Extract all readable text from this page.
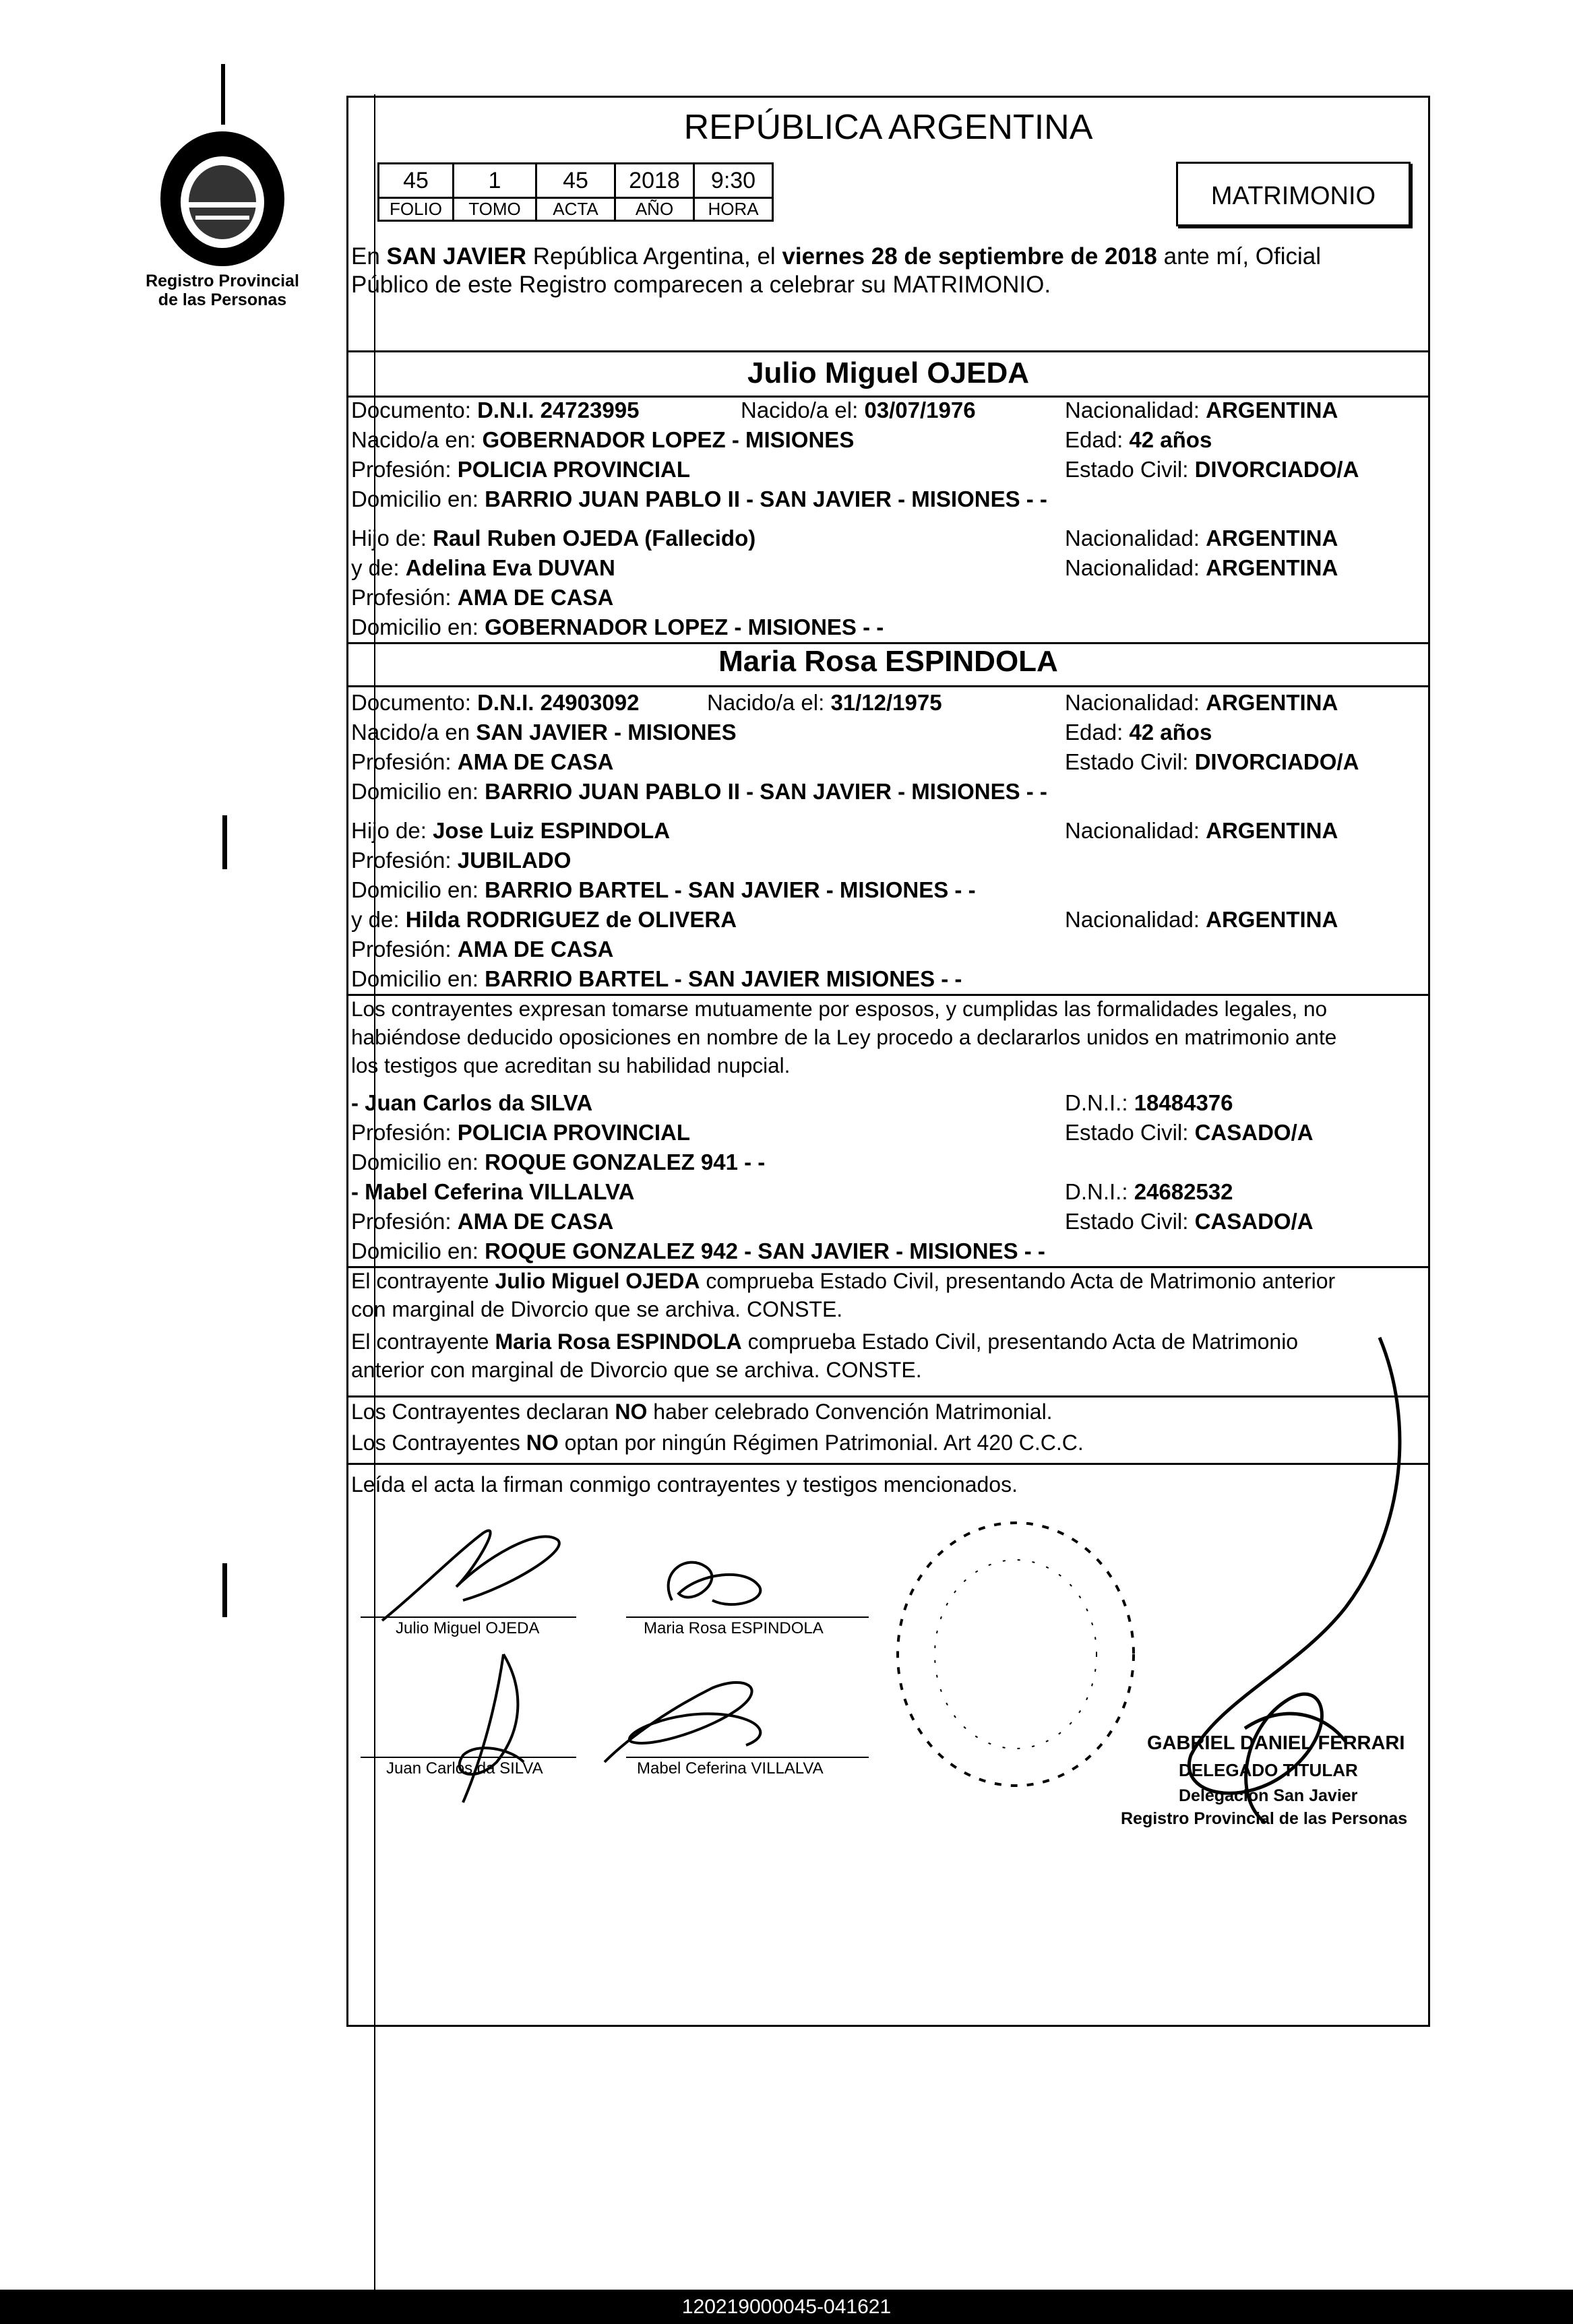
Registro Provincial
de las Personas
REPÚBLICA ARGENTINA
45	1	45	2018	9:30
FOLIO	TOMO	ACTA	AÑO	HORA	MATRIMONIO
En SAN JAVIER República Argentina, el viernes 28 de septiembre de 2018 ante mí, Oficial
Público de este Registro comparecen a celebrar su MATRIMONIO.
Julio Miguel OJEDA
Documento: D.N.I. 24723995	Nacido/a el: 03/07/1976	Nacionalidad: ARGENTINA
Nacido/a en: GOBERNADOR LOPEZ - MISIONES	Edad: 42 años
Profesión: POLICIA PROVINCIAL	Estado Civil: DIVORCIADO/A
Domicilio en: BARRIO JUAN PABLO II - SAN JAVIER - MISIONES - -
Hijo de: Raul Ruben OJEDA (Fallecido)	Nacionalidad: ARGENTINA
y de: Adelina Eva DUVAN	Nacionalidad: ARGENTINA
Profesión: AMA DE CASA
Domicilio en: GOBERNADOR LOPEZ - MISIONES - -
Maria Rosa ESPINDOLA
Documento: D.N.I. 24903092	Nacido/a el: 31/12/1975	Nacionalidad: ARGENTINA
Nacido/a en SAN JAVIER - MISIONES	Edad: 42 años
Profesión: AMA DE CASA	Estado Civil: DIVORCIADO/A
Domicilio en: BARRIO JUAN PABLO II - SAN JAVIER - MISIONES - -
Hijo de: Jose Luiz ESPINDOLA	Nacionalidad: ARGENTINA
Profesión: JUBILADO
Domicilio en: BARRIO BARTEL - SAN JAVIER - MISIONES - -
y de: Hilda RODRIGUEZ de OLIVERA	Nacionalidad: ARGENTINA
Profesión: AMA DE CASA
Domicilio en: BARRIO BARTEL - SAN JAVIER MISIONES - -
Los contrayentes expresan tomarse mutuamente por esposos, y cumplidas las formalidades legales, no
habiéndose deducido oposiciones en nombre de la Ley procedo a declararlos unidos en matrimonio ante
los testigos que acreditan su habilidad nupcial.
- Juan Carlos da SILVA	D.N.I.: 18484376
Profesión: POLICIA PROVINCIAL	Estado Civil: CASADO/A
Domicilio en: ROQUE GONZALEZ 941 - -
- Mabel Ceferina VILLALVA	D.N.I.: 24682532
Profesión: AMA DE CASA	Estado Civil: CASADO/A
Domicilio en: ROQUE GONZALEZ 942 - SAN JAVIER - MISIONES - -
El contrayente Julio Miguel OJEDA comprueba Estado Civil, presentando Acta de Matrimonio anterior
con marginal de Divorcio que se archiva. CONSTE.
El contrayente Maria Rosa ESPINDOLA comprueba Estado Civil, presentando Acta de Matrimonio
anterior con marginal de Divorcio que se archiva. CONSTE.
Los Contrayentes declaran NO haber celebrado Convención Matrimonial.
Los Contrayentes NO optan por ningún Régimen Patrimonial. Art 420 C.C.C.
Leída el acta la firman conmigo contrayentes y testigos mencionados.
Julio Miguel OJEDA	Maria Rosa ESPINDOLA
Juan Carlos da SILVA	Mabel Ceferina VILLALVA
GABRIEL DANIEL FERRARI
DELEGADO TITULAR
Delegación San Javier
Registro Provincial de las Personas
120219000045-041621
